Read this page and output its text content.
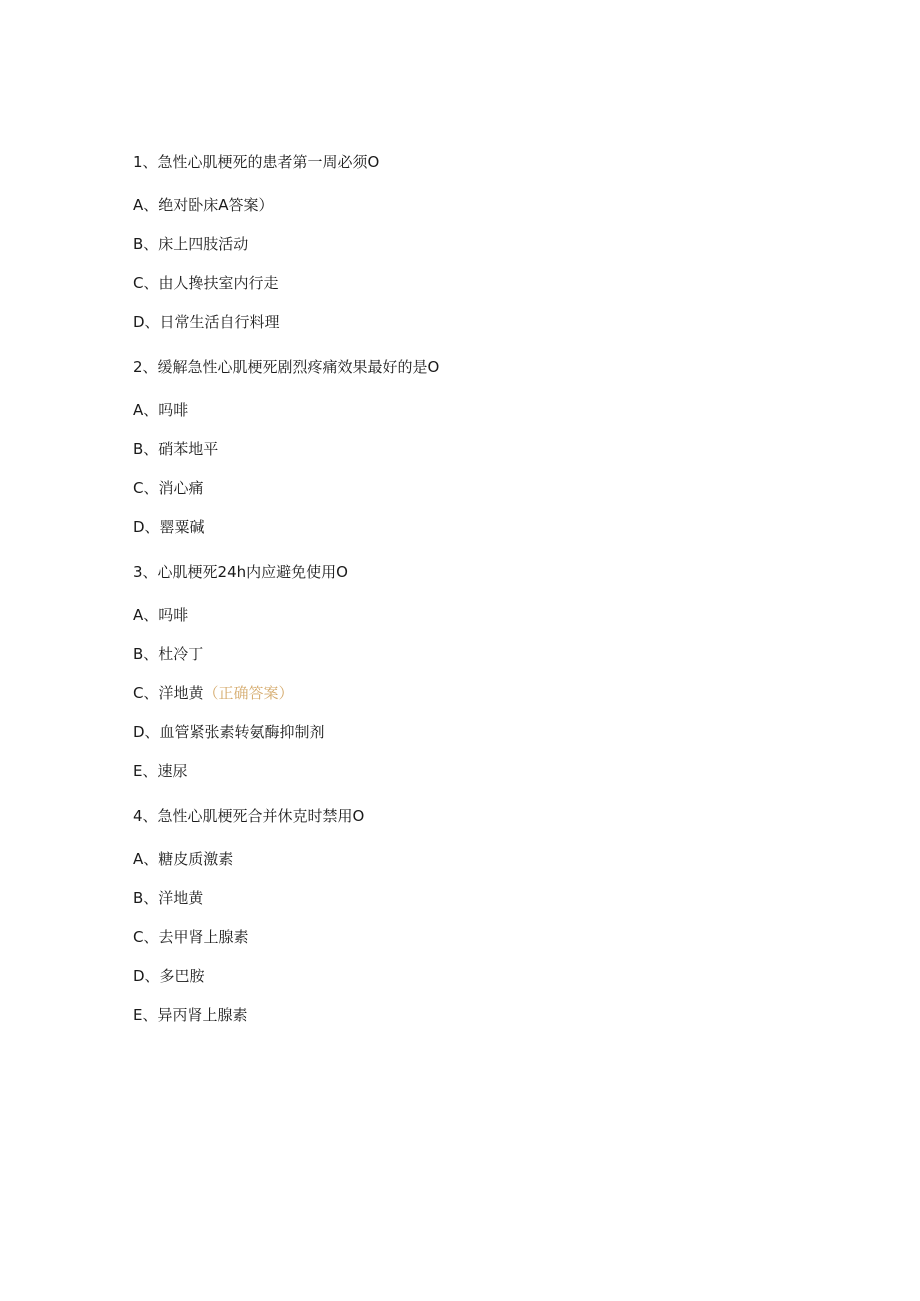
1、急性心肌梗死的患者第一周必须O
A、绝对卧床A答案）
B、床上四肢活动
C、由人搀扶室内行走
D、日常生活自行料理
2、缓解急性心肌梗死剧烈疼痛效果最好的是O
A、吗啡
B、硝苯地平
C、消心痛
D、罂粟碱
3、心肌梗死24h内应避免使用O
A、吗啡
B、杜冷丁
C、洋地黄（正确答案）
D、血管紧张素转氨酶抑制剂
E、速尿
4、急性心肌梗死合并休克时禁用O
A、糖皮质激素
B、洋地黄
C、去甲肾上腺素
D、多巴胺
E、异丙肾上腺素
